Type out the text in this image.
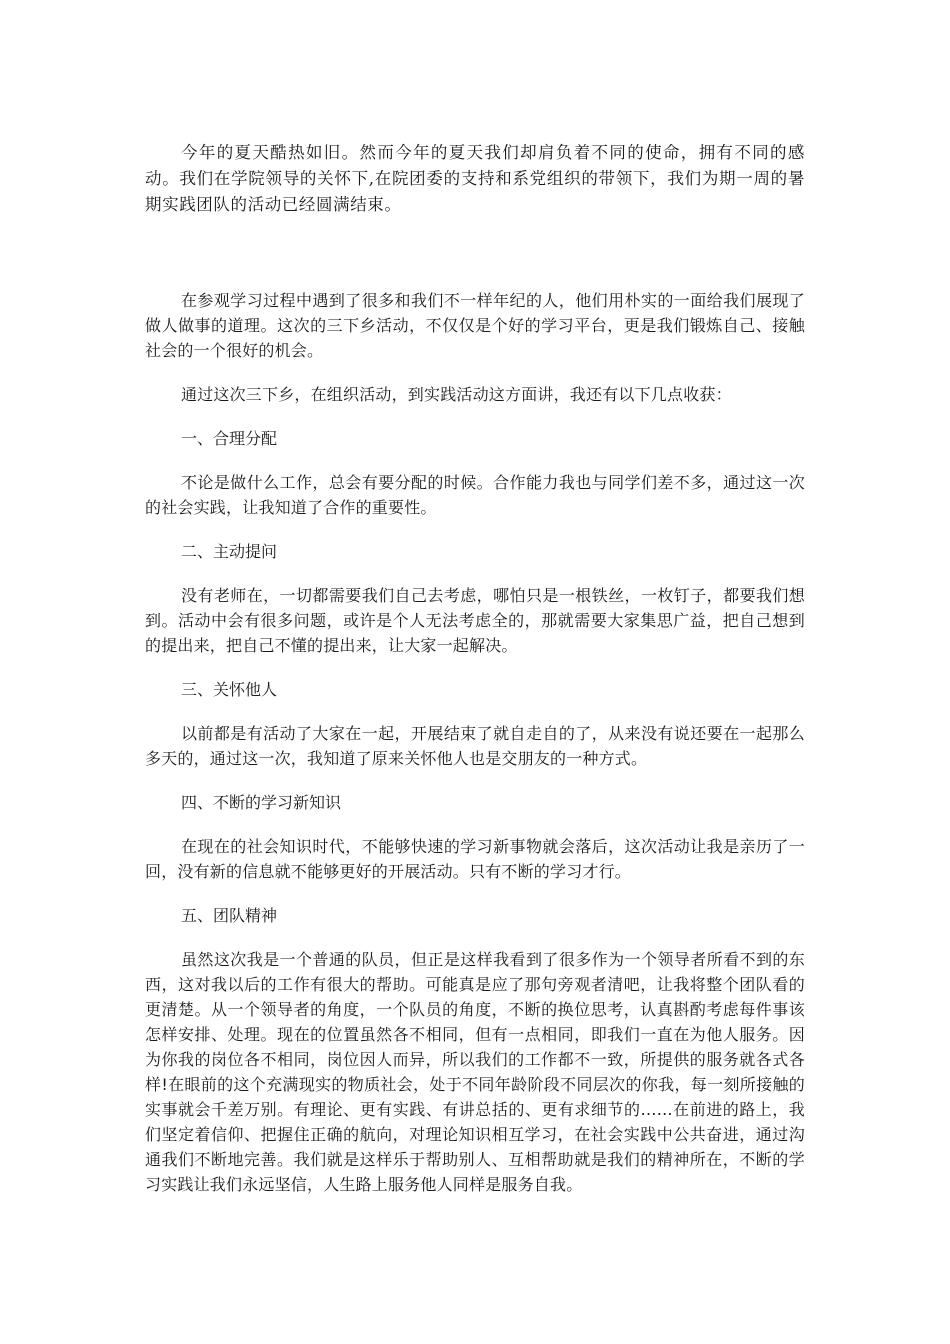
今年的夏天酷热如旧。然而今年的夏天我们却肩负着不同的使命，拥有不同的感动。我们在学院领导的关怀下,在院团委的支持和系党组织的带领下，我们为期一周的暑期实践团队的活动已经圆满结束。

在参观学习过程中遇到了很多和我们不一样年纪的人，他们用朴实的一面给我们展现了做人做事的道理。这次的三下乡活动，不仅仅是个好的学习平台，更是我们锻炼自己、接触社会的一个很好的机会。

通过这次三下乡，在组织活动，到实践活动这方面讲，我还有以下几点收获：

一、合理分配

不论是做什么工作，总会有要分配的时候。合作能力我也与同学们差不多，通过这一次的社会实践，让我知道了合作的重要性。

二、主动提问

没有老师在，一切都需要我们自己去考虑，哪怕只是一根铁丝，一枚钉子，都要我们想到。活动中会有很多问题，或许是个人无法考虑全的，那就需要大家集思广益，把自己想到的提出来，把自己不懂的提出来，让大家一起解决。

三、关怀他人

以前都是有活动了大家在一起，开展结束了就自走自的了，从来没有说还要在一起那么多天的，通过这一次，我知道了原来关怀他人也是交朋友的一种方式。

四、不断的学习新知识

在现在的社会知识时代，不能够快速的学习新事物就会落后，这次活动让我是亲历了一回，没有新的信息就不能够更好的开展活动。只有不断的学习才行。

五、团队精神

虽然这次我是一个普通的队员，但正是这样我看到了很多作为一个领导者所看不到的东西，这对我以后的工作有很大的帮助。可能真是应了那句旁观者清吧，让我将整个团队看的更清楚。从一个领导者的角度，一个队员的角度，不断的换位思考，认真斟酌考虑每件事该怎样安排、处理。现在的位置虽然各不相同，但有一点相同，即我们一直在为他人服务。因为你我的岗位各不相同，岗位因人而异，所以我们的工作都不一致，所提供的服务就各式各样!在眼前的这个充满现实的物质社会，处于不同年龄阶段不同层次的你我，每一刻所接触的实事就会千差万别。有理论、更有实践、有讲总括的、更有求细节的……在前进的路上，我们坚定着信仰、把握住正确的航向，对理论知识相互学习，在社会实践中公共奋进，通过沟通我们不断地完善。我们就是这样乐于帮助别人、互相帮助就是我们的精神所在，不断的学习实践让我们永远坚信，人生路上服务他人同样是服务自我。
